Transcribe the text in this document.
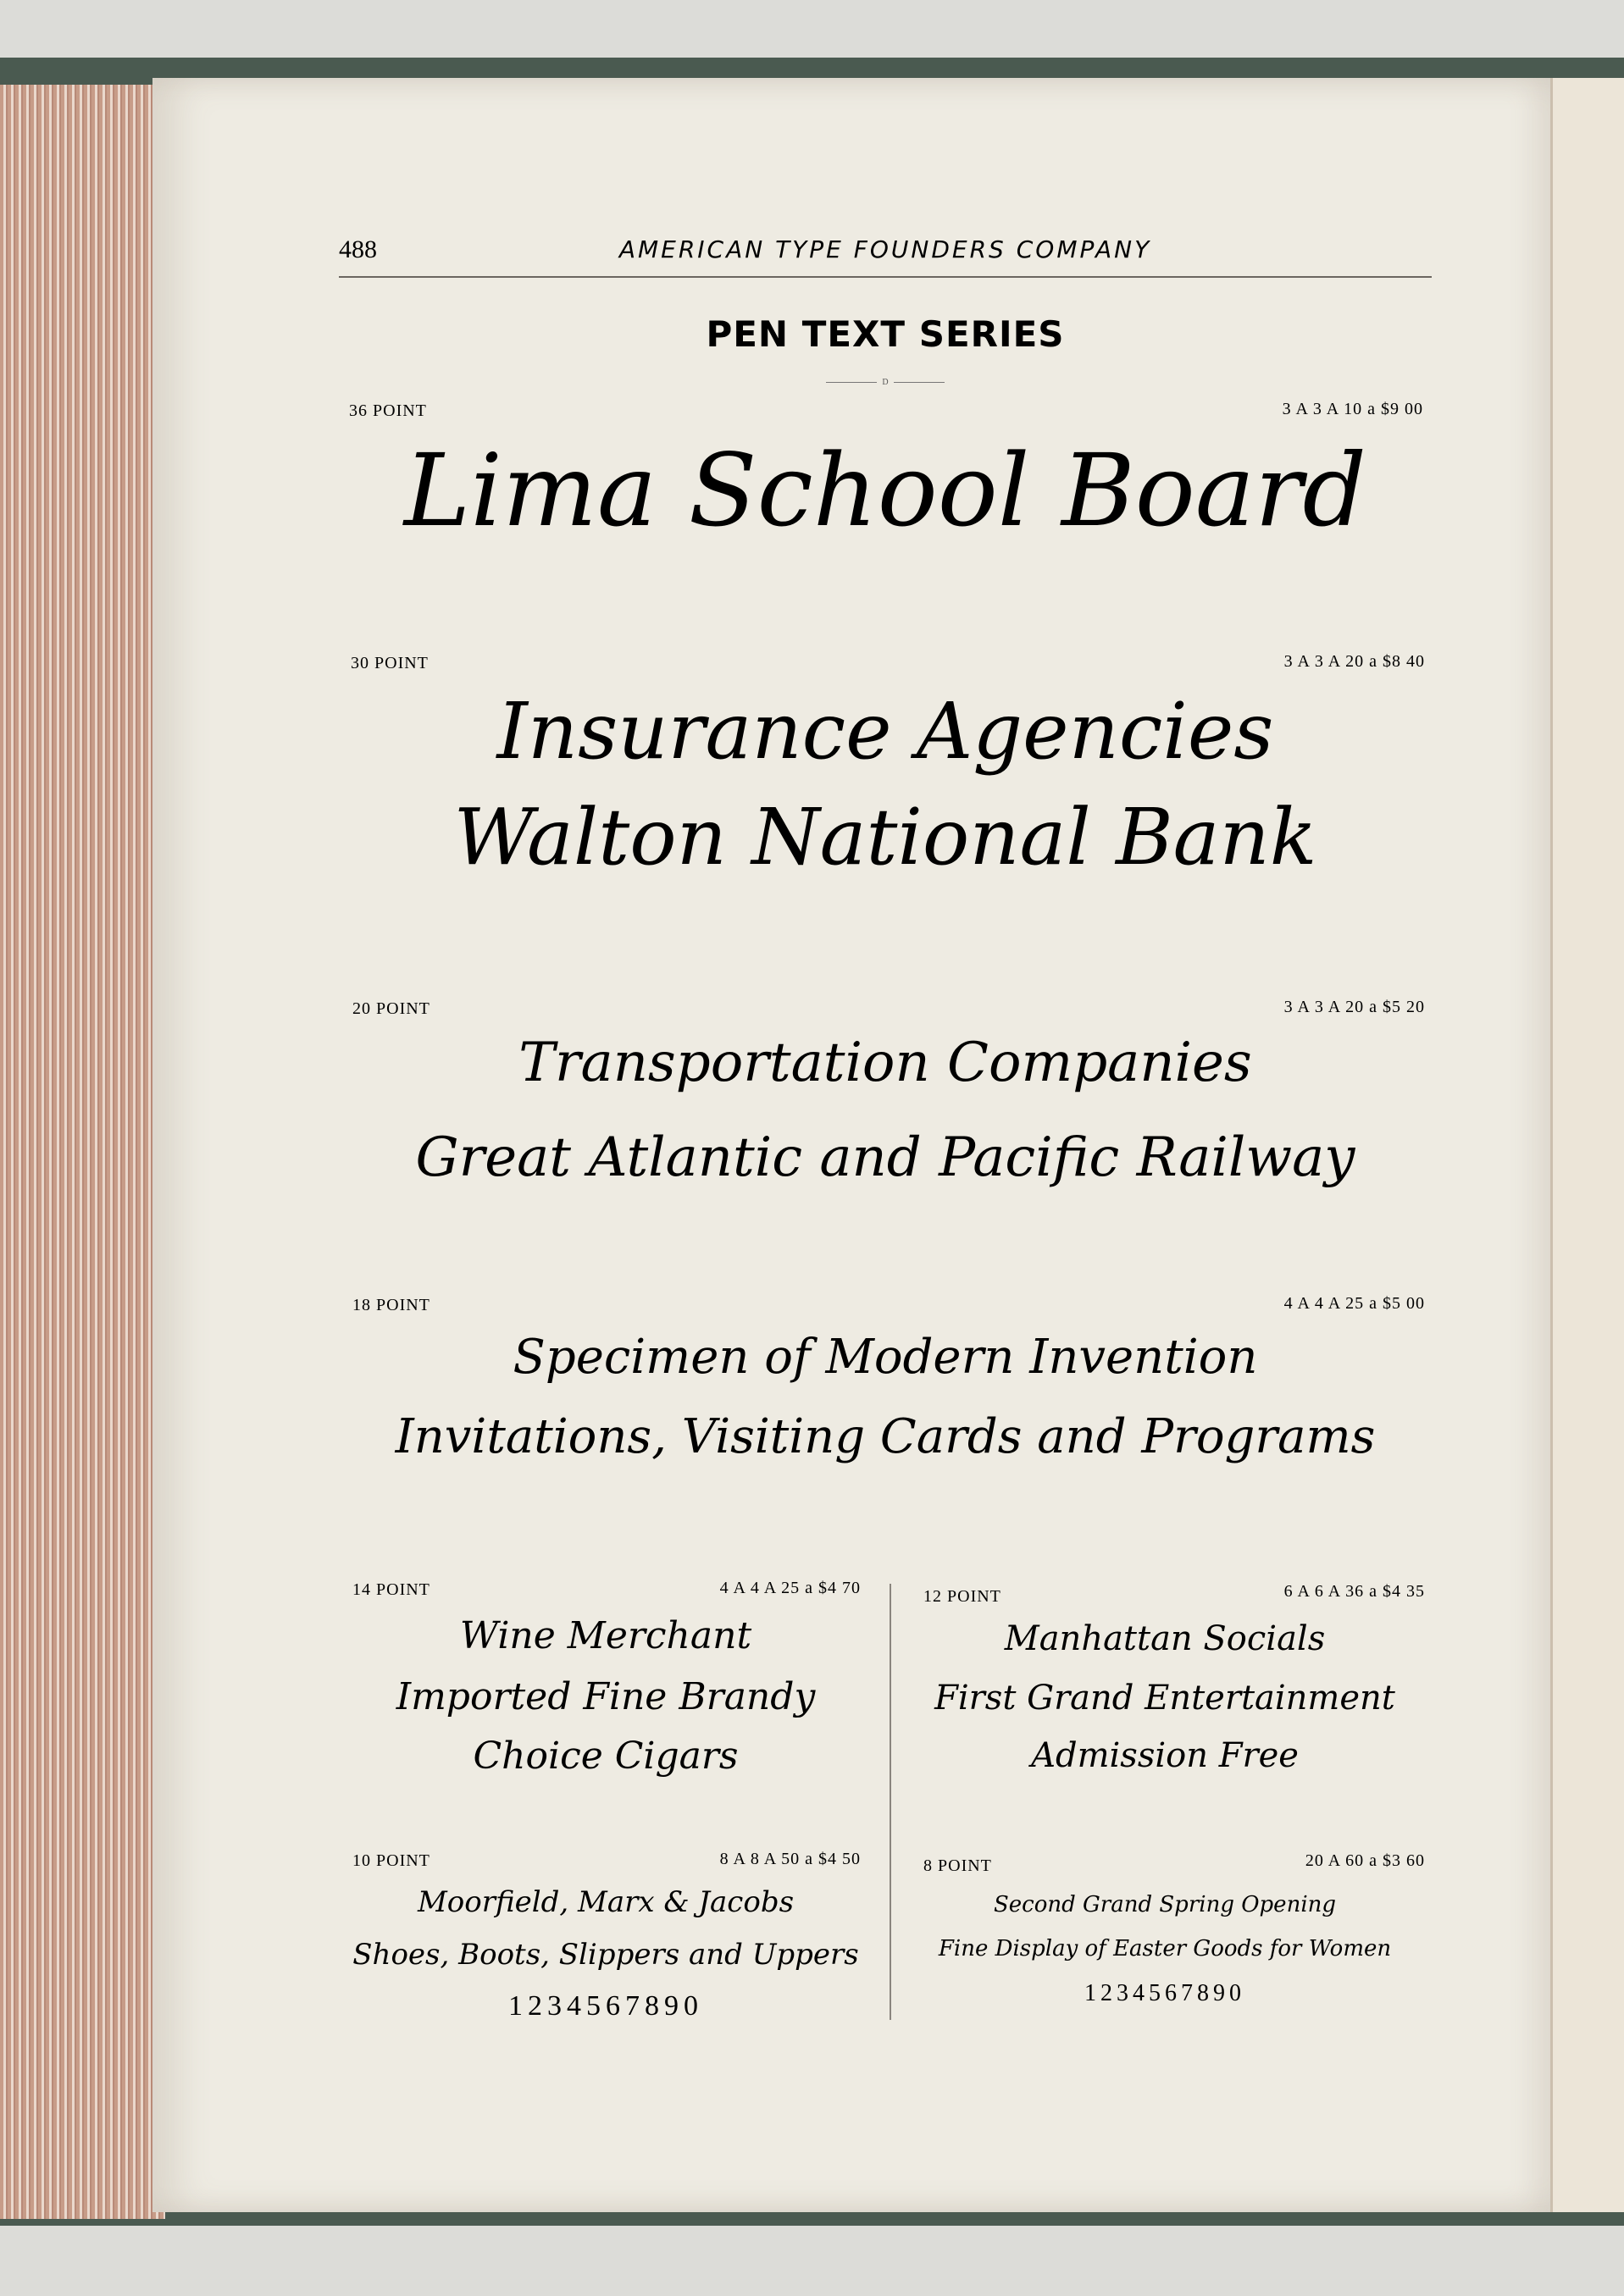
488	AMERICAN TYPE FOUNDERS COMPANY
PEN TEXT SERIES
D
36 POINT	3 A 3 A 10 a $9 00
Lima School Board
30 POINT	3 A 3 A 20 a $8 40
Insurance Agencies
Walton National Bank
20 POINT	3 A 3 A 20 a $5 20
Transportation Companies
Great Atlantic and Pacific Railway
18 POINT	4 A 4 A 25 a $5 00
Specimen of Modern Invention
Invitations, Visiting Cards and Programs
14 POINT	4 A 4 A 25 a $4 70
Wine Merchant
Imported Fine Brandy
Choice Cigars
12 POINT	6 A 6 A 36 a $4 35
Manhattan Socials
First Grand Entertainment
Admission Free
10 POINT	8 A 8 A 50 a $4 50
Moorfield, Marx & Jacobs
Shoes, Boots, Slippers and Uppers
1234567890
8 POINT	20 A 60 a $3 60
Second Grand Spring Opening
Fine Display of Easter Goods for Women
1234567890
